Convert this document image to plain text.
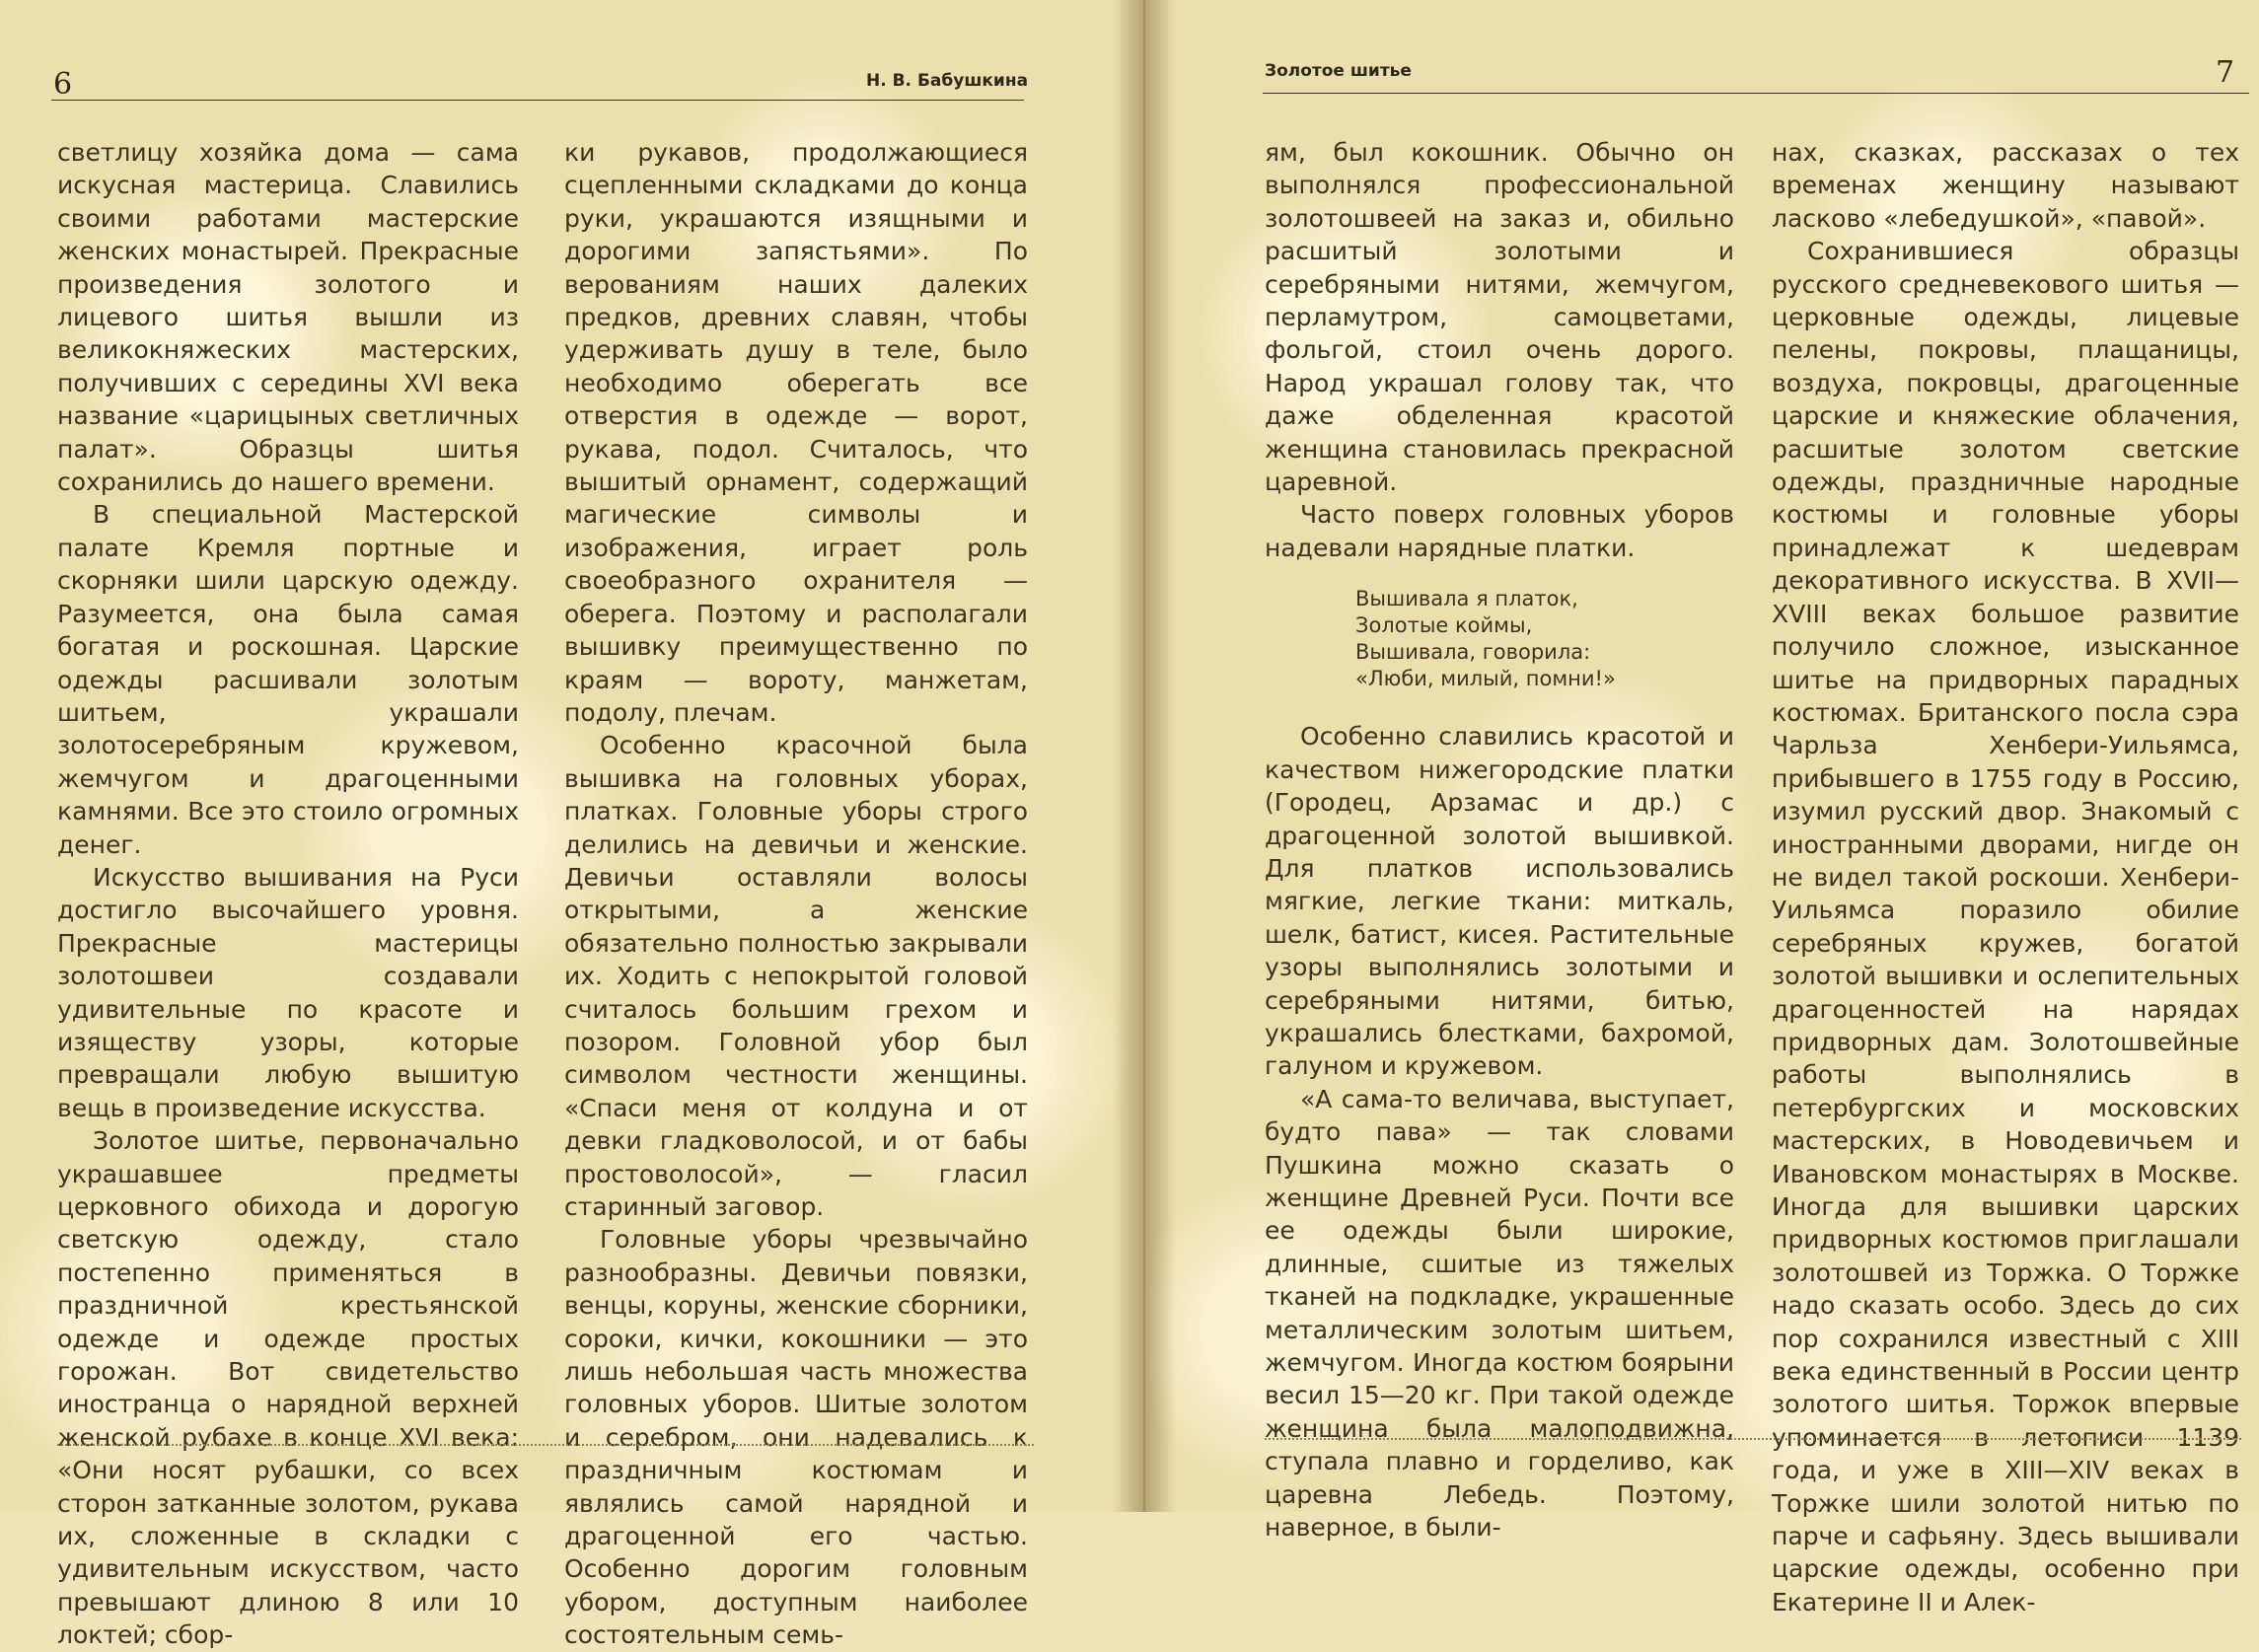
6	Н. В. Бабушкина

светлицу хозяйка дома — сама искусная мастерица. Славились своими работами мастерские женских монастырей. Прекрасные произведения золотого и лицевого шитья вышли из великокняжеских мастерских, получивших с середины XVI века название «царицыных светличных палат». Образцы шитья сохранились до нашего времени.

В специальной Мастерской палате Кремля портные и скорняки шили царскую одежду. Разумеется, она была самая богатая и роскошная. Царские одежды расшивали золотым шитьем, украшали золотосеребряным кружевом, жемчугом и драгоценными камнями. Все это стоило огромных денег.

Искусство вышивания на Руси достигло высочайшего уровня. Прекрасные мастерицы золотошвеи создавали удивительные по красоте и изяществу узоры, которые превращали любую вышитую вещь в произведение искусства.

Золотое шитье, первоначально украшавшее предметы церковного обихода и дорогую светскую одежду, стало постепенно применяться в праздничной крестьянской одежде и одежде простых горожан. Вот свидетельство иностранца о нарядной верхней женской рубахе в конце XVI века: «Они носят рубашки, со всех сторон затканные золотом, рукава их, сложенные в складки с удивительным искусством, часто превышают длиною 8 или 10 локтей; сбор-

ки рукавов, продолжающиеся сцепленными складками до конца руки, украшаются изящными и дорогими запястьями». По верованиям наших далеких предков, древних славян, чтобы удерживать душу в теле, было необходимо оберегать все отверстия в одежде — ворот, рукава, подол. Считалось, что вышитый орнамент, содержащий магические символы и изображения, играет роль своеобразного охранителя — оберега. Поэтому и располагали вышивку преимущественно по краям — вороту, манжетам, подолу, плечам.

Особенно красочной была вышивка на головных уборах, платках. Головные уборы строго делились на девичьи и женские. Девичьи оставляли волосы открытыми, а женские обязательно полностью закрывали их. Ходить с непокрытой головой считалось большим грехом и позором. Головной убор был символом честности женщины. «Спаси меня от колдуна и от девки гладковолосой, и от бабы простоволосой», — гласил старинный заговор.

Головные уборы чрезвычайно разнообразны. Девичьи повязки, венцы, коруны, женские сборники, сороки, кички, кокошники — это лишь небольшая часть множества головных уборов. Шитые золотом и серебром, они надевались к праздничным костюмам и являлись самой нарядной и драгоценной его частью. Особенно дорогим головным убором, доступным наиболее состоятельным семь-

Золотое шитье	7

ям, был кокошник. Обычно он выполнялся профессиональной золотошвеей на заказ и, обильно расшитый золотыми и серебряными нитями, жемчугом, перламутром, самоцветами, фольгой, стоил очень дорого. Народ украшал голову так, что даже обделенная красотой женщина становилась прекрасной царевной.

Часто поверх головных уборов надевали нарядные платки.

Вышивала я платок,
Золотые коймы,
Вышивала, говорила:
«Люби, милый, помни!»

Особенно славились красотой и качеством нижегородские платки (Городец, Арзамас и др.) с драгоценной золотой вышивкой. Для платков использовались мягкие, легкие ткани: миткаль, шелк, батист, кисея. Растительные узоры выполнялись золотыми и серебряными нитями, битью, украшались блестками, бахромой, галуном и кружевом.

«А сама-то величава, выступает, будто пава» — так словами Пушкина можно сказать о женщине Древней Руси. Почти все ее одежды были широкие, длинные, сшитые из тяжелых тканей на подкладке, украшенные металлическим золотым шитьем, жемчугом. Иногда костюм боярыни весил 15—20 кг. При такой одежде женщина была малоподвижна, ступала плавно и горделиво, как царевна Лебедь. Поэтому, наверное, в были-

нах, сказках, рассказах о тех временах женщину называют ласково «лебедушкой», «павой».

Сохранившиеся образцы русского средневекового шитья — церковные одежды, лицевые пелены, покровы, плащаницы, воздуха, покровцы, драгоценные царские и княжеские облачения, расшитые золотом светские одежды, праздничные народные костюмы и головные уборы принадлежат к шедеврам декоративного искусства. В XVII—XVIII веках большое развитие получило сложное, изысканное шитье на придворных парадных костюмах. Британского посла сэра Чарльза Хенбери-Уильямса, прибывшего в 1755 году в Россию, изумил русский двор. Знакомый с иностранными дворами, нигде он не видел такой роскоши. Хенбери-Уильямса поразило обилие серебряных кружев, богатой золотой вышивки и ослепительных драгоценностей на нарядах придворных дам. Золотошвейные работы выполнялись в петербургских и московских мастерских, в Новодевичьем и Ивановском монастырях в Москве. Иногда для вышивки царских придворных костюмов приглашали золотошвей из Торжка. О Торжке надо сказать особо. Здесь до сих пор сохранился известный с XIII века единственный в России центр золотого шитья. Торжок впервые упоминается в летописи 1139 года, и уже в XIII—XIV веках в Торжке шили золотой нитью по парче и сафьяну. Здесь вышивали царские одежды, особенно при Екатерине II и Алек-
